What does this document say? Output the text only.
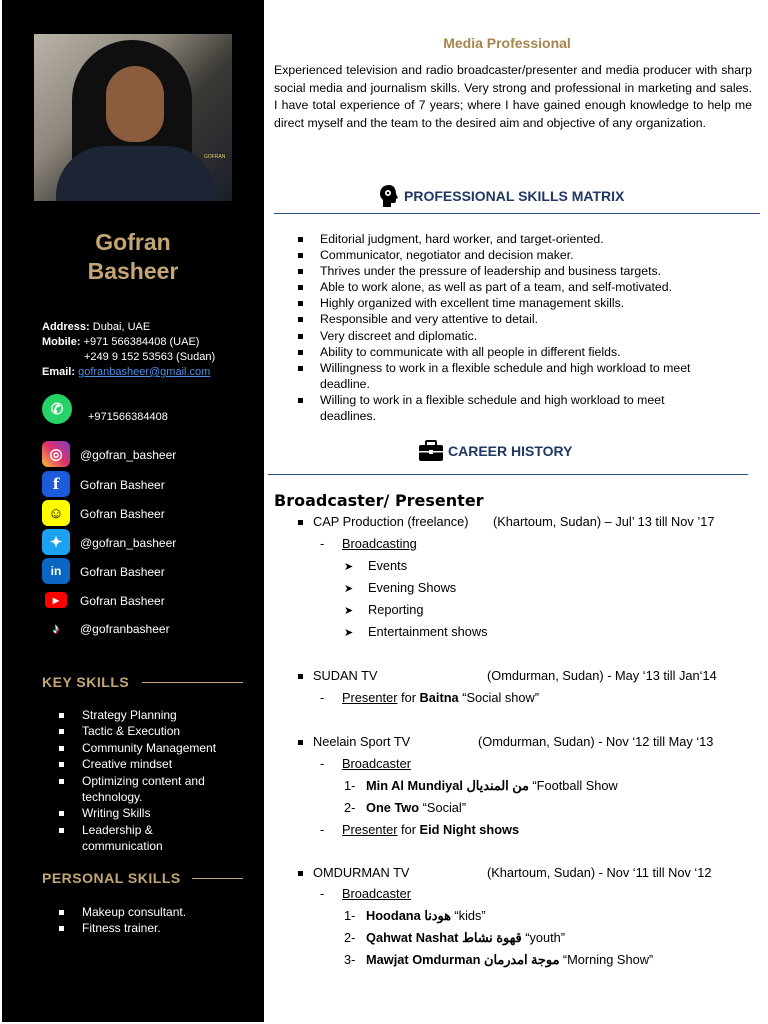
GOFRAN
Gofran
Basheer
Address: Dubai, UAE
Mobile: +971 566384408 (UAE)
+249 9 152 53563 (Sudan)
Email: gofranbasheer@gmail.com
✆	+971566384408
◎	@gofran_basheer
f	Gofran Basheer
☺	Gofran Basheer
✦	@gofran_basheer
in	Gofran Basheer
▶	Gofran Basheer
♪	@gofranbasheer
KEY SKILLS
Strategy Planning
Tactic & Execution
Community Management
Creative mindset
Optimizing content and technology.
Writing Skills
Leadership & communication
PERSONAL SKILLS
Makeup consultant.
Fitness trainer.
Media Professional
Experienced television and radio broadcaster/presenter and media producer with sharp social media and journalism skills. Very strong and professional in marketing and sales. I have total experience of 7 years; where I have gained enough knowledge to help me direct myself and the team to the desired aim and objective of any organization.
PROFESSIONAL SKILLS MATRIX
Editorial judgment, hard worker, and target-oriented.
Communicator, negotiator and decision maker.
Thrives under the pressure of leadership and business targets.
Able to work alone, as well as part of a team, and self-motivated.
Highly organized with excellent time management skills.
Responsible and very attentive to detail.
Very discreet and diplomatic.
Ability to communicate with all people in different fields.
Willingness to work in a flexible schedule and high workload to meet deadline.
Willing to work in a flexible schedule and high workload to meet deadlines.
CAREER HISTORY
Broadcaster/ Presenter
CAP Production (freelance) (Khartoum, Sudan) – Jul’ 13 till Nov ’17
- Broadcasting
➤ Events
➤ Evening Shows
➤ Reporting
➤ Entertainment shows
SUDAN TV	(Omdurman, Sudan) - May ‘13 till Jan‘14
- Presenter for Baitna “Social show”
Neelain Sport TV	(Omdurman, Sudan) - Nov ‘12 till May ‘13
- Broadcaster
1- Min Al Mundiyal من المنديال “Football Show
2- One Two “Social”
- Presenter for Eid Night shows
OMDURMAN TV	(Khartoum, Sudan) - Nov ‘11 till Nov ‘12
- Broadcaster
1- Hoodana هودنا “kids”
2- Qahwat Nashat قهوة نشاط “youth”
3- Mawjat Omdurman موجة امدرمان “Morning Show”
